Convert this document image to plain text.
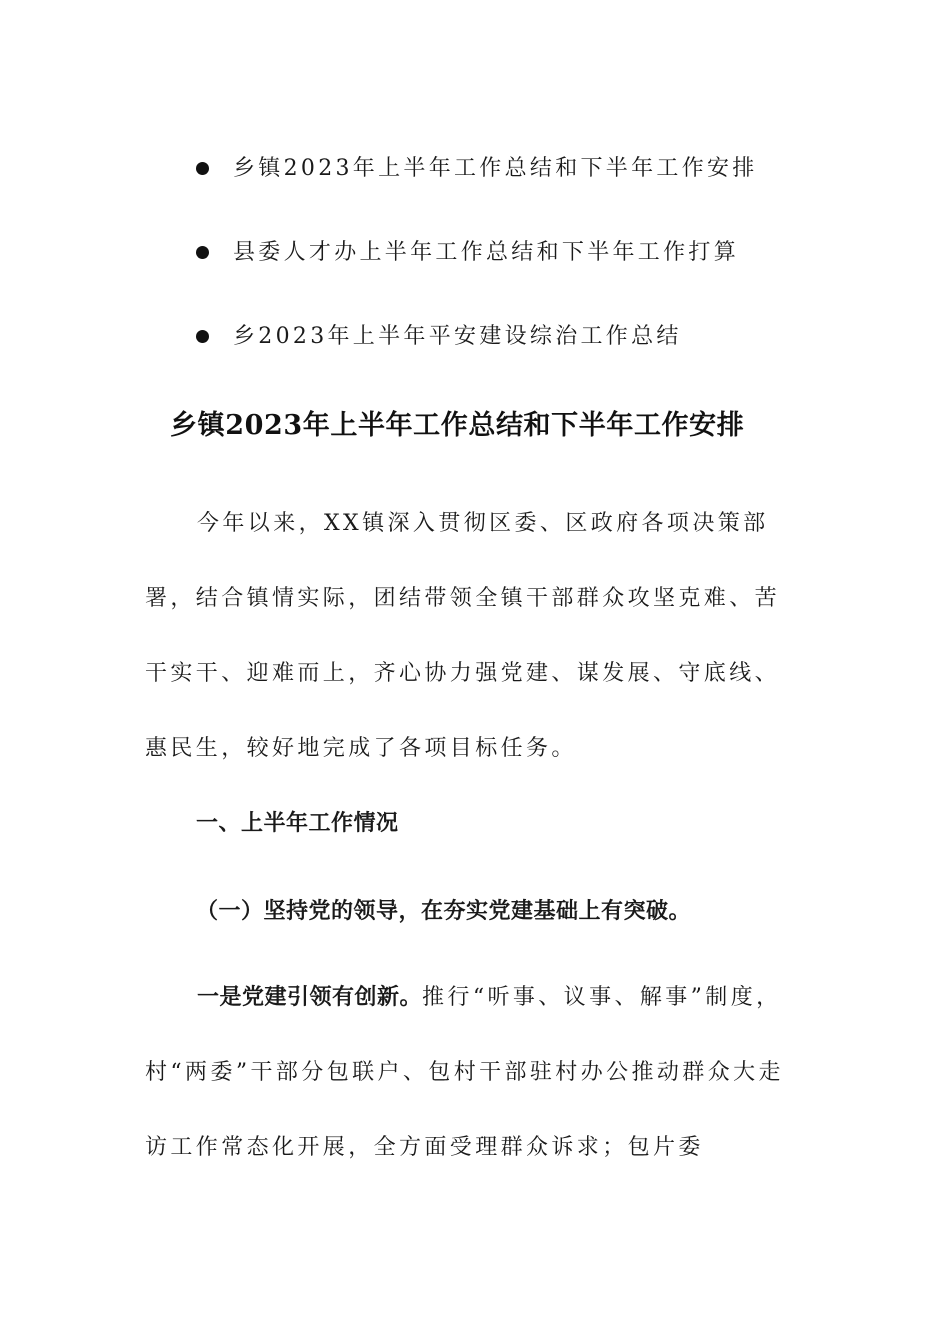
乡镇2023年上半年工作总结和下半年工作安排
县委人才办上半年工作总结和下半年工作打算
乡2023年上半年平安建设综治工作总结
乡镇2023年上半年工作总结和下半年工作安排

今年以来，XX镇深入贯彻区委、区政府各项决策部署，结合镇情实际，团结带领全镇干部群众攻坚克难、苦干实干、迎难而上，齐心协力强党建、谋发展、守底线、惠民生，较好地完成了各项目标任务。

一、上半年工作情况
（一）坚持党的领导，在夯实党建基础上有突破。

一是党建引领有创新。推行“听事、议事、解事”制度，村“两委”干部分包联户、包村干部驻村办公推动群众大走访工作常态化开展，全方面受理群众诉求；包片委
